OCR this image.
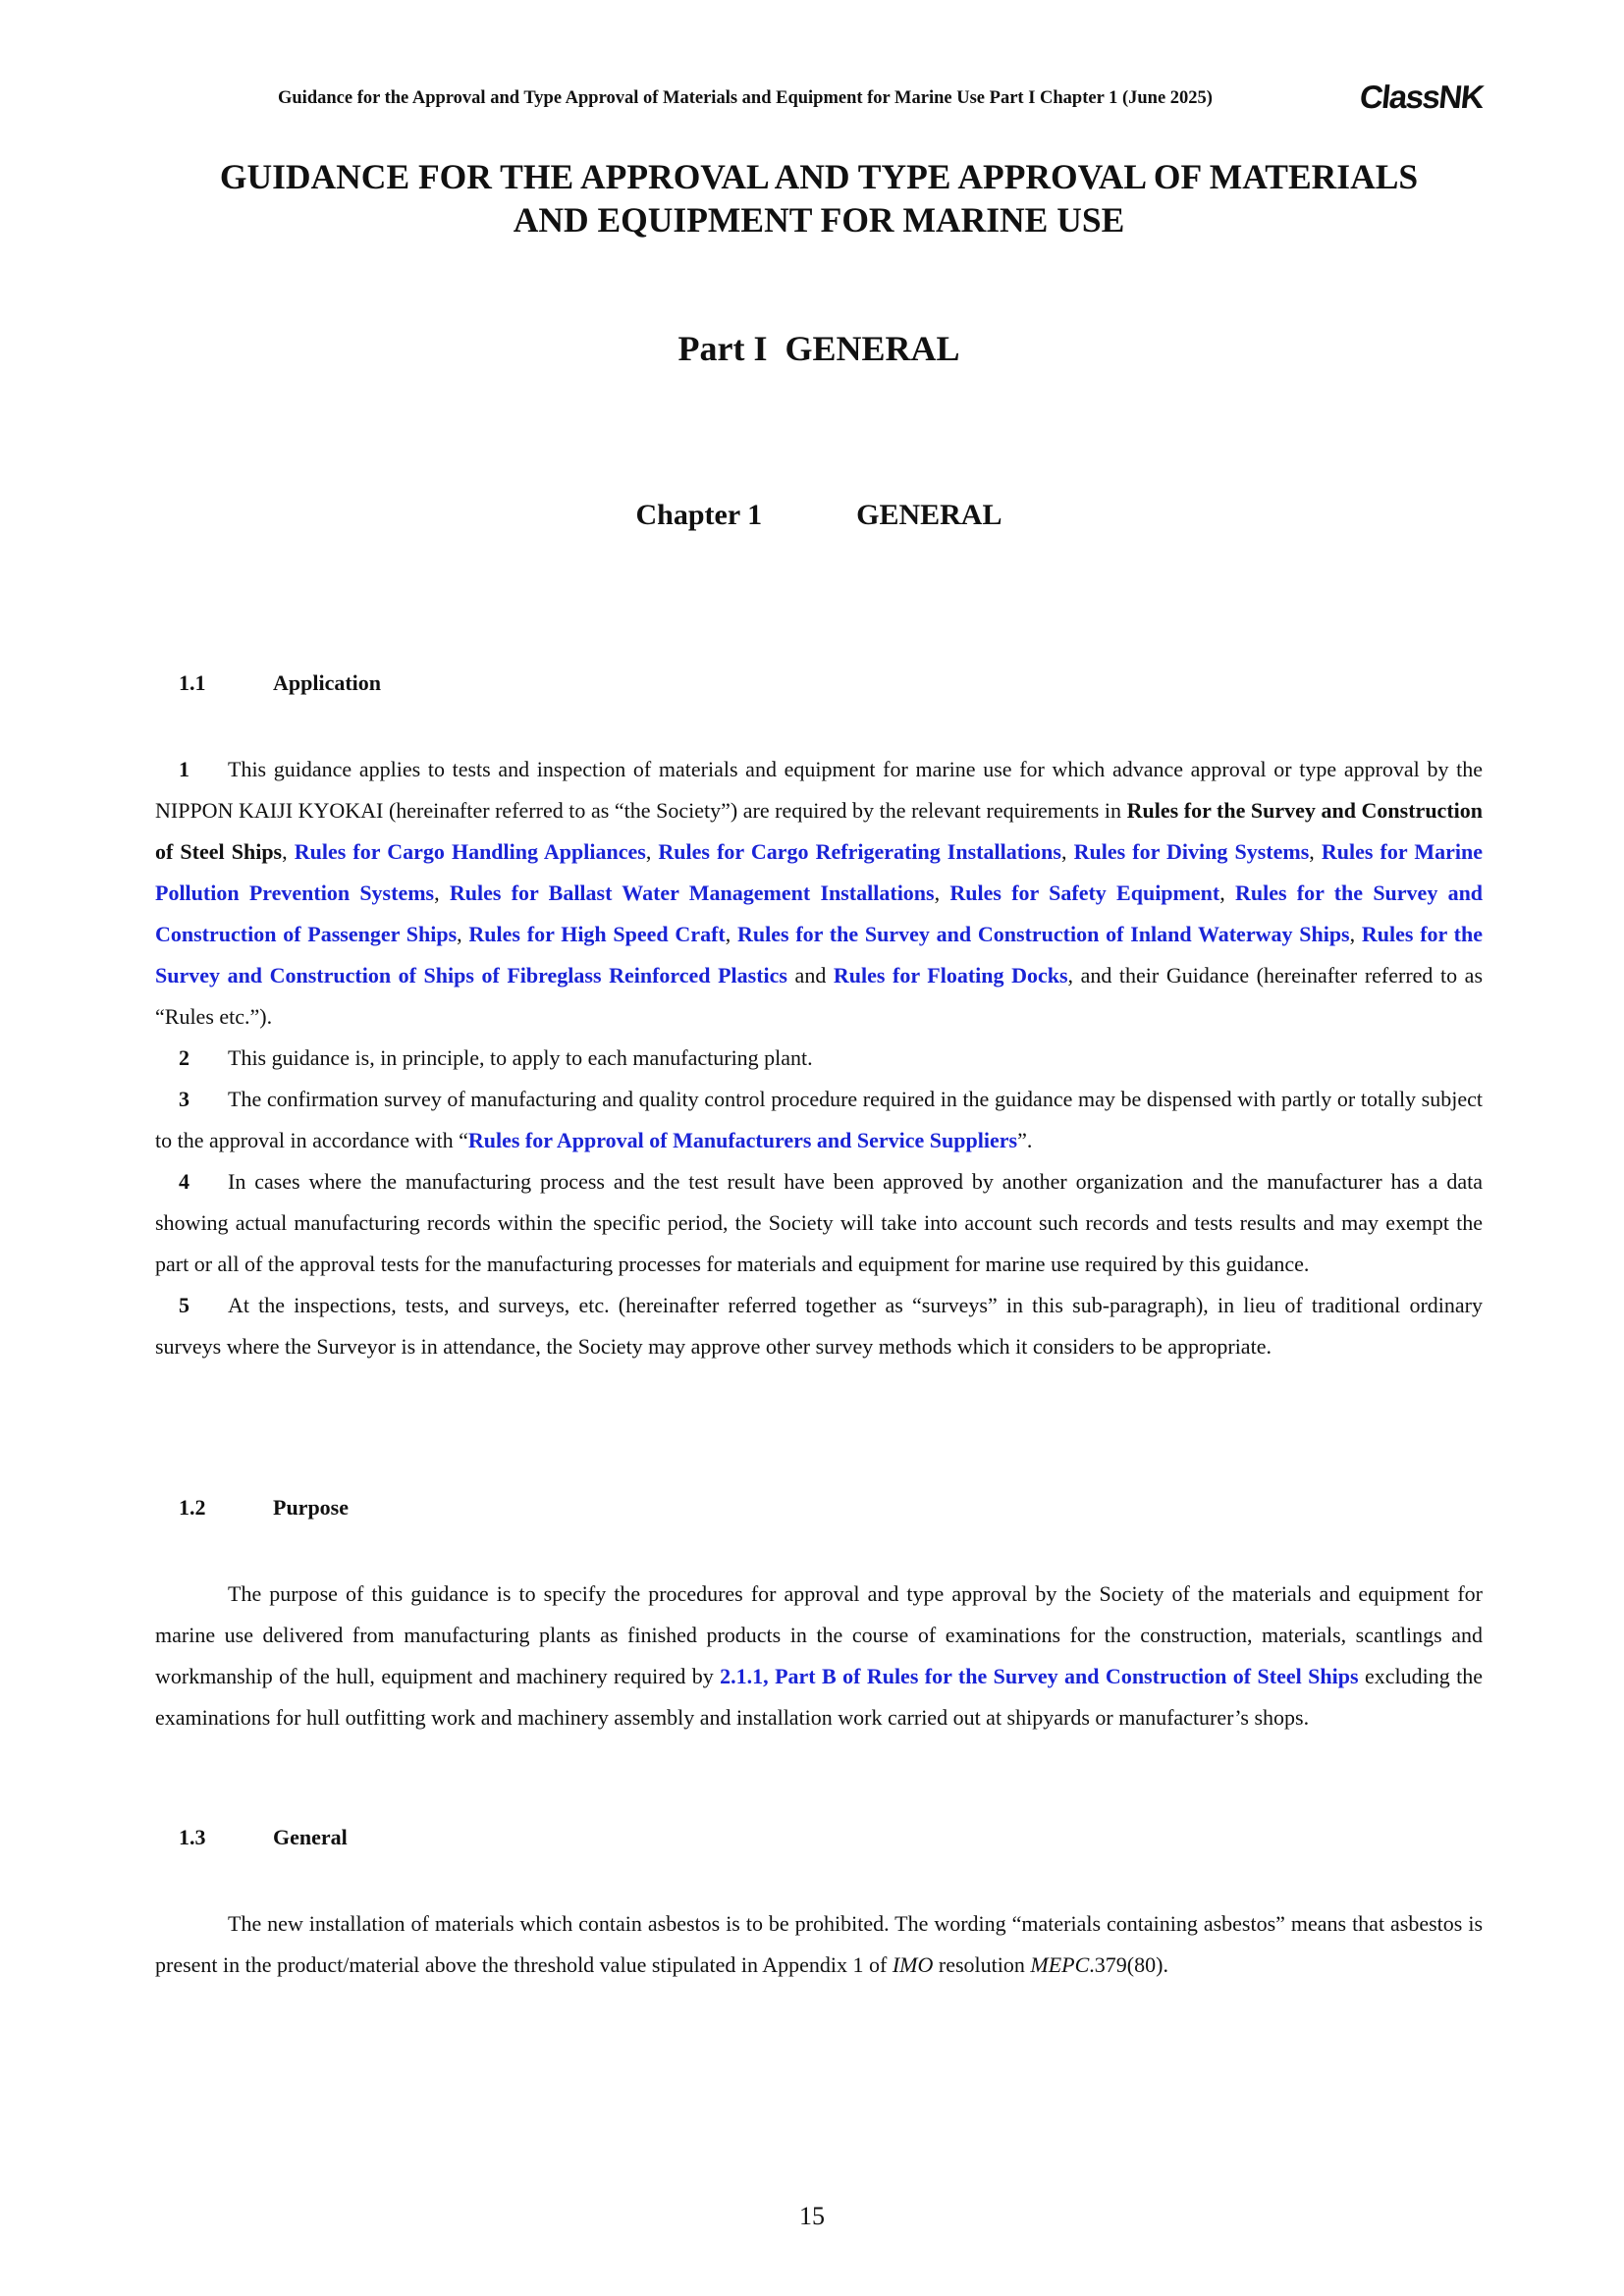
Guidance for the Approval and Type Approval of Materials and Equipment for Marine Use Part I Chapter 1 (June 2025)	ClassNK
GUIDANCE FOR THE APPROVAL AND TYPE APPROVAL OF MATERIALS
AND EQUIPMENT FOR MARINE USE
Part I GENERAL
Chapter 1	GENERAL
1.1	Application

1 This guidance applies to tests and inspection of materials and equipment for marine use for which advance approval or type approval by the NIPPON KAIJI KYOKAI (hereinafter referred to as “the Society”) are required by the relevant requirements in Rules for the Survey and Construction of Steel Ships, Rules for Cargo Handling Appliances, Rules for Cargo Refrigerating Installations, Rules for Diving Systems, Rules for Marine Pollution Prevention Systems, Rules for Ballast Water Management Installations, Rules for Safety Equipment, Rules for the Survey and Construction of Passenger Ships, Rules for High Speed Craft, Rules for the Survey and Construction of Inland Waterway Ships, Rules for the Survey and Construction of Ships of Fibreglass Reinforced Plastics and Rules for Floating Docks, and their Guidance (hereinafter referred to as “Rules etc.”).

2 This guidance is, in principle, to apply to each manufacturing plant.

3 The confirmation survey of manufacturing and quality control procedure required in the guidance may be dispensed with partly or totally subject to the approval in accordance with “Rules for Approval of Manufacturers and Service Suppliers”.

4 In cases where the manufacturing process and the test result have been approved by another organization and the manufacturer has a data showing actual manufacturing records within the specific period, the Society will take into account such records and tests results and may exempt the part or all of the approval tests for the manufacturing processes for materials and equipment for marine use required by this guidance.

5 At the inspections, tests, and surveys, etc. (hereinafter referred together as “surveys” in this sub-paragraph), in lieu of traditional ordinary surveys where the Surveyor is in attendance, the Society may approve other survey methods which it considers to be appropriate.

1.2	Purpose

The purpose of this guidance is to specify the procedures for approval and type approval by the Society of the materials and equipment for marine use delivered from manufacturing plants as finished products in the course of examinations for the construction, materials, scantlings and workmanship of the hull, equipment and machinery required by 2.1.1, Part B of Rules for the Survey and Construction of Steel Ships excluding the examinations for hull outfitting work and machinery assembly and installation work carried out at shipyards or manufacturer’s shops.

1.3	General

The new installation of materials which contain asbestos is to be prohibited. The wording “materials containing asbestos” means that asbestos is present in the product/material above the threshold value stipulated in Appendix 1 of IMO resolution MEPC.379(80).

15
